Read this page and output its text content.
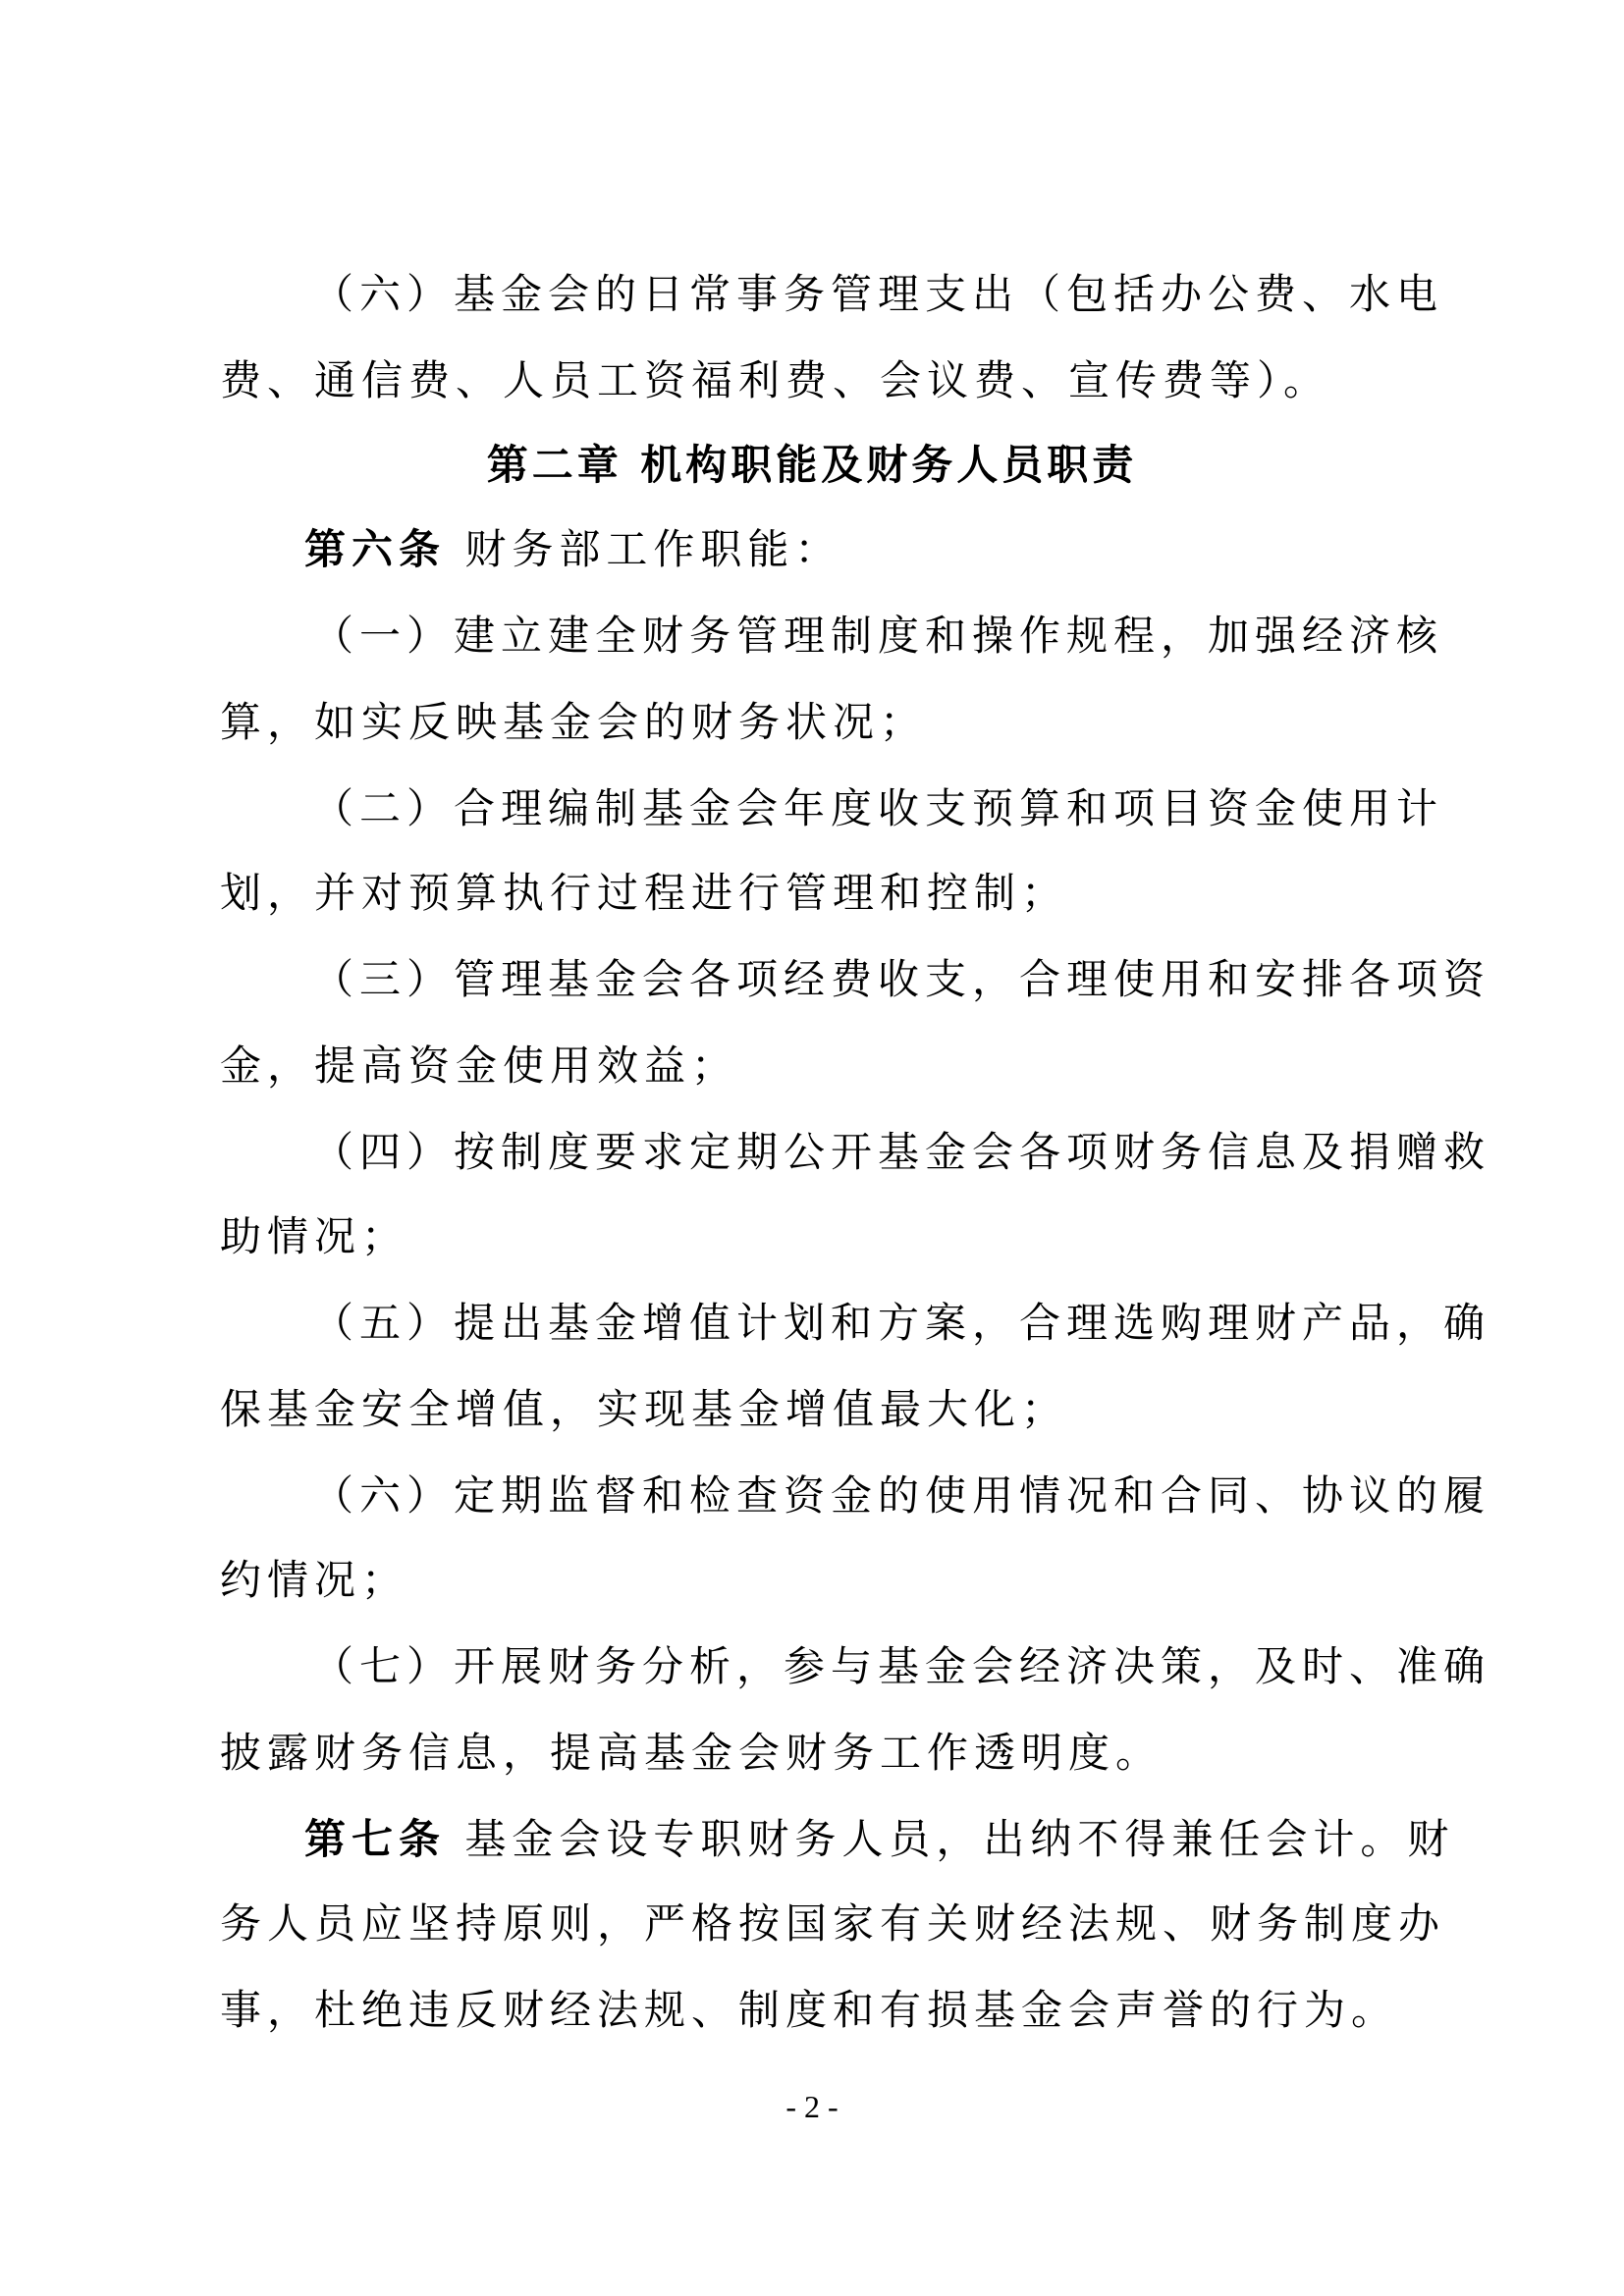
（六）基金会的日常事务管理支出（包括办公费、水电
费、通信费、人员工资福利费、会议费、宣传费等）。
第二章 机构职能及财务人员职责
第六条 财务部工作职能：
（一）建立建全财务管理制度和操作规程，加强经济核
算，如实反映基金会的财务状况；
（二）合理编制基金会年度收支预算和项目资金使用计
划，并对预算执行过程进行管理和控制；
（三）管理基金会各项经费收支，合理使用和安排各项资
金，提高资金使用效益；
（四）按制度要求定期公开基金会各项财务信息及捐赠救
助情况；
（五）提出基金增值计划和方案，合理选购理财产品，确
保基金安全增值，实现基金增值最大化；
（六）定期监督和检查资金的使用情况和合同、协议的履
约情况；
（七）开展财务分析，参与基金会经济决策，及时、准确
披露财务信息，提高基金会财务工作透明度。
第七条 基金会设专职财务人员，出纳不得兼任会计。财
务人员应坚持原则，严格按国家有关财经法规、财务制度办
事，杜绝违反财经法规、制度和有损基金会声誉的行为。
- 2 -
